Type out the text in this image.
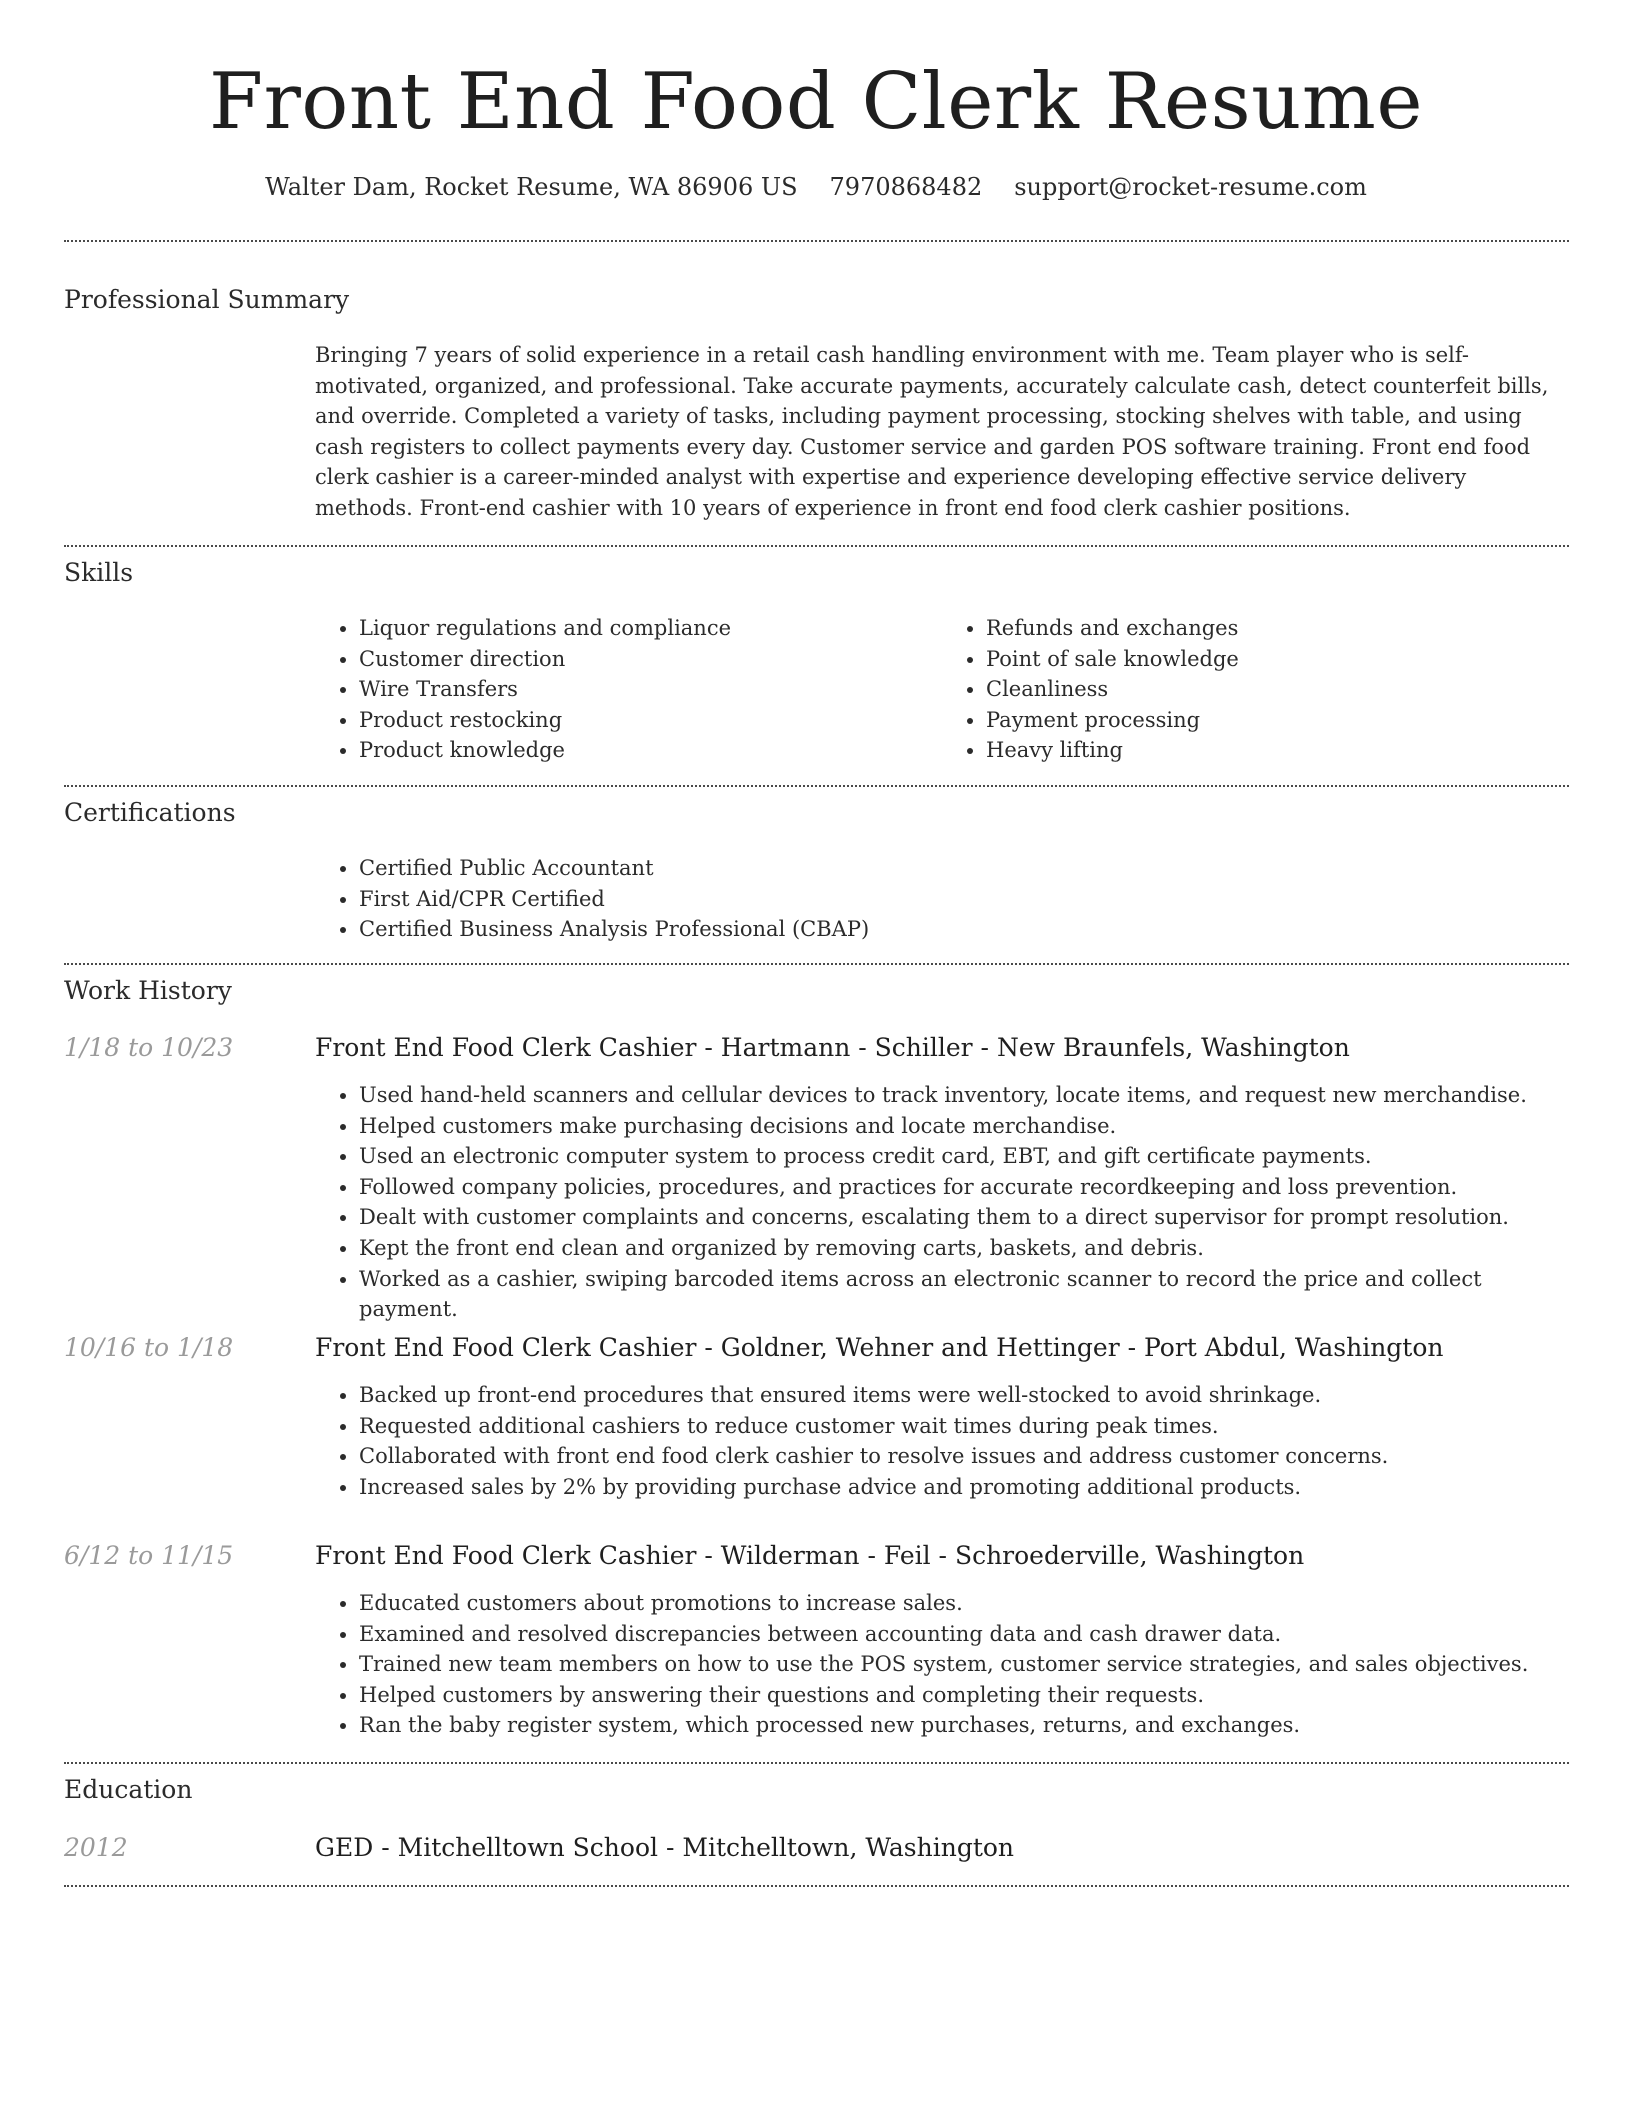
Front End Food Clerk Resume
Walter Dam, Rocket Resume, WA 86906 US 7970868482 support@rocket-resume.com
Professional Summary

Bringing 7 years of solid experience in a retail cash handling environment with me. Team player who is self-motivated, organized, and professional. Take accurate payments, accurately calculate cash, detect counterfeit bills, and override. Completed a variety of tasks, including payment processing, stocking shelves with table, and using cash registers to collect payments every day. Customer service and garden POS software training. Front end food clerk cashier is a career-minded analyst with expertise and experience developing effective service delivery methods. Front-end cashier with 10 years of experience in front end food clerk cashier positions.

Skills
• Liquor regulations and compliance
• Customer direction
• Wire Transfers
• Product restocking
• Product knowledge
• Refunds and exchanges
• Point of sale knowledge
• Cleanliness
• Payment processing
• Heavy lifting
Certifications
• Certified Public Accountant
• First Aid/CPR Certified
• Certified Business Analysis Professional (CBAP)
Work History
1/18 to 10/23	Front End Food Clerk Cashier - Hartmann - Schiller - New Braunfels, Washington
• Used hand-held scanners and cellular devices to track inventory, locate items, and request new merchandise.
• Helped customers make purchasing decisions and locate merchandise.
• Used an electronic computer system to process credit card, EBT, and gift certificate payments.
• Followed company policies, procedures, and practices for accurate recordkeeping and loss prevention.
• Dealt with customer complaints and concerns, escalating them to a direct supervisor for prompt resolution.
• Kept the front end clean and organized by removing carts, baskets, and debris.
• Worked as a cashier, swiping barcoded items across an electronic scanner to record the price and collect payment.
10/16 to 1/18	Front End Food Clerk Cashier - Goldner, Wehner and Hettinger - Port Abdul, Washington
• Backed up front-end procedures that ensured items were well-stocked to avoid shrinkage.
• Requested additional cashiers to reduce customer wait times during peak times.
• Collaborated with front end food clerk cashier to resolve issues and address customer concerns.
• Increased sales by 2% by providing purchase advice and promoting additional products.
6/12 to 11/15	Front End Food Clerk Cashier - Wilderman - Feil - Schroederville, Washington
• Educated customers about promotions to increase sales.
• Examined and resolved discrepancies between accounting data and cash drawer data.
• Trained new team members on how to use the POS system, customer service strategies, and sales objectives.
• Helped customers by answering their questions and completing their requests.
• Ran the baby register system, which processed new purchases, returns, and exchanges.
Education
2012	GED - Mitchelltown School - Mitchelltown, Washington
